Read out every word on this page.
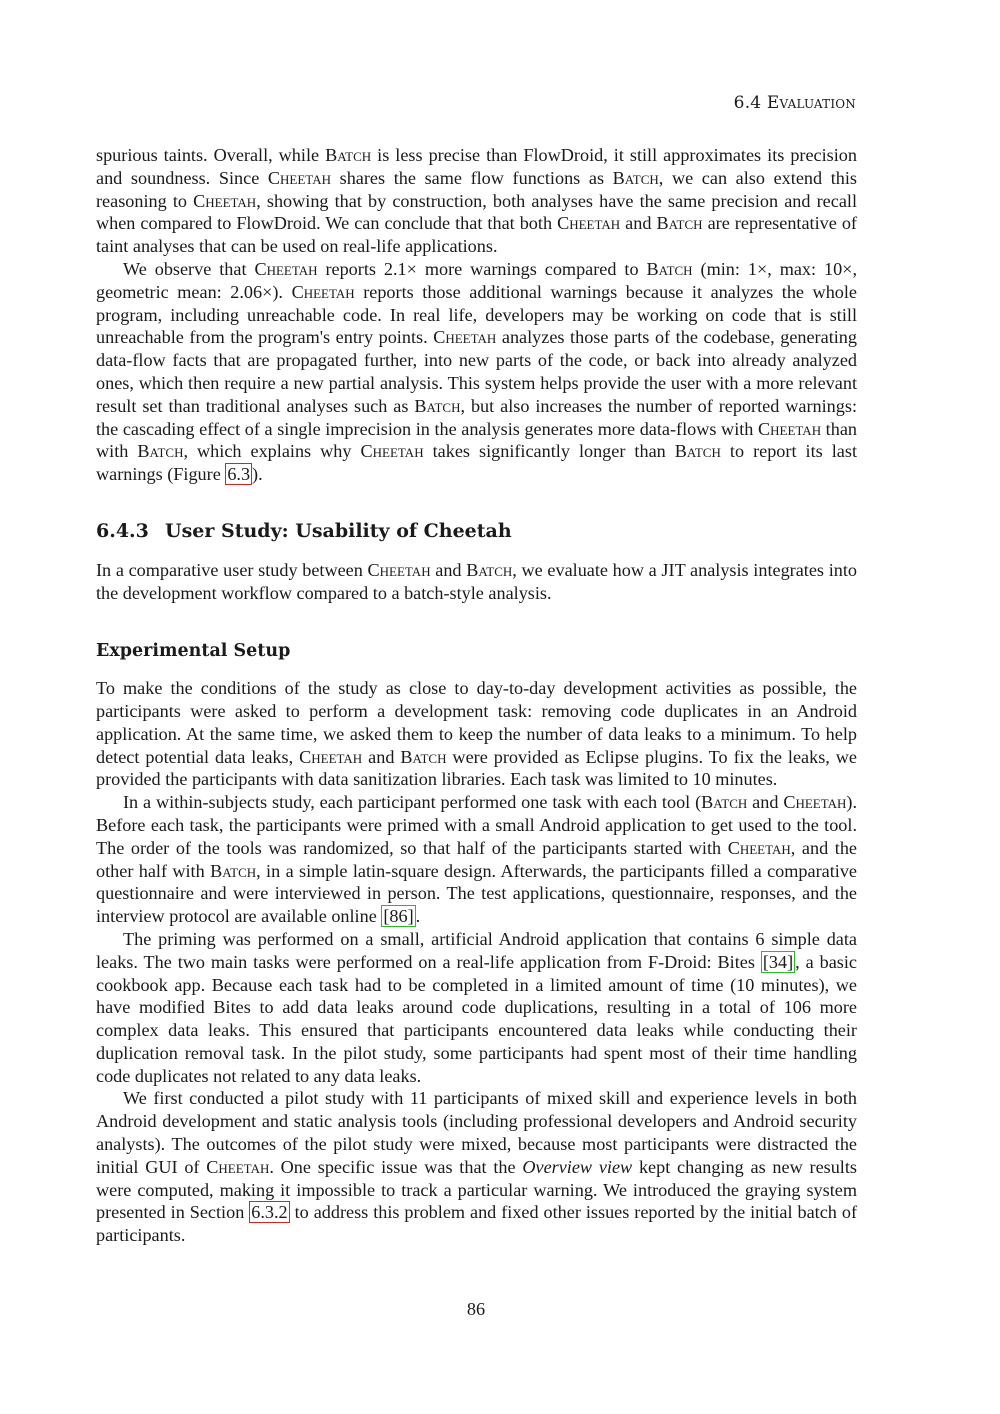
6.4 Evaluation

spurious taints. Overall, while Batch is less precise than FlowDroid, it still approximates its precision and soundness. Since Cheetah shares the same flow functions as Batch, we can also extend this reasoning to Cheetah, showing that by construction, both analyses have the same precision and recall when compared to FlowDroid. We can conclude that that both Cheetah and Batch are representative of taint analyses that can be used on real-life applications.

We observe that Cheetah reports 2.1× more warnings compared to Batch (min: 1×, max: 10×, geometric mean: 2.06×). Cheetah reports those additional warnings because it analyzes the whole program, including unreachable code. In real life, developers may be working on code that is still unreachable from the program's entry points. Cheetah analyzes those parts of the codebase, generating data-flow facts that are propagated further, into new parts of the code, or back into already analyzed ones, which then require a new partial analysis. This system helps provide the user with a more relevant result set than traditional analyses such as Batch, but also increases the number of reported warnings: the cascading effect of a single imprecision in the analysis generates more data-flows with Cheetah than with Batch, which explains why Cheetah takes significantly longer than Batch to report its last warnings (Figure 6.3 ).

6.4.3 User Study: Usability of Cheetah

In a comparative user study between Cheetah and Batch, we evaluate how a JIT analysis integrates into the development workflow compared to a batch-style analysis.

Experimental Setup

To make the conditions of the study as close to day-to-day development activities as possible, the participants were asked to perform a development task: removing code duplicates in an Android application. At the same time, we asked them to keep the number of data leaks to a minimum. To help detect potential data leaks, Cheetah and Batch were provided as Eclipse plugins. To fix the leaks, we provided the participants with data sanitization libraries. Each task was limited to 10 minutes.

In a within-subjects study, each participant performed one task with each tool (Batch and Cheetah). Before each task, the participants were primed with a small Android application to get used to the tool. The order of the tools was randomized, so that half of the participants started with Cheetah, and the other half with Batch, in a simple latin-square design. Afterwards, the participants filled a comparative questionnaire and were interviewed in person. The test applications, questionnaire, responses, and the interview protocol are available online [86] .

The priming was performed on a small, artificial Android application that contains 6 simple data leaks. The two main tasks were performed on a real-life application from F-Droid: Bites [34] , a basic cookbook app. Because each task had to be completed in a limited amount of time (10 minutes), we have modified Bites to add data leaks around code duplications, resulting in a total of 106 more complex data leaks. This ensured that participants encountered data leaks while conducting their duplication removal task. In the pilot study, some participants had spent most of their time handling code duplicates not related to any data leaks.

We first conducted a pilot study with 11 participants of mixed skill and experience levels in both Android development and static analysis tools (including professional developers and Android security analysts). The outcomes of the pilot study were mixed, because most participants were distracted the initial GUI of Cheetah. One specific issue was that the Overview view kept changing as new results were computed, making it impossible to track a particular warning. We introduced the graying system presented in Section 6.3.2 to address this problem and fixed other issues reported by the initial batch of participants.

86
